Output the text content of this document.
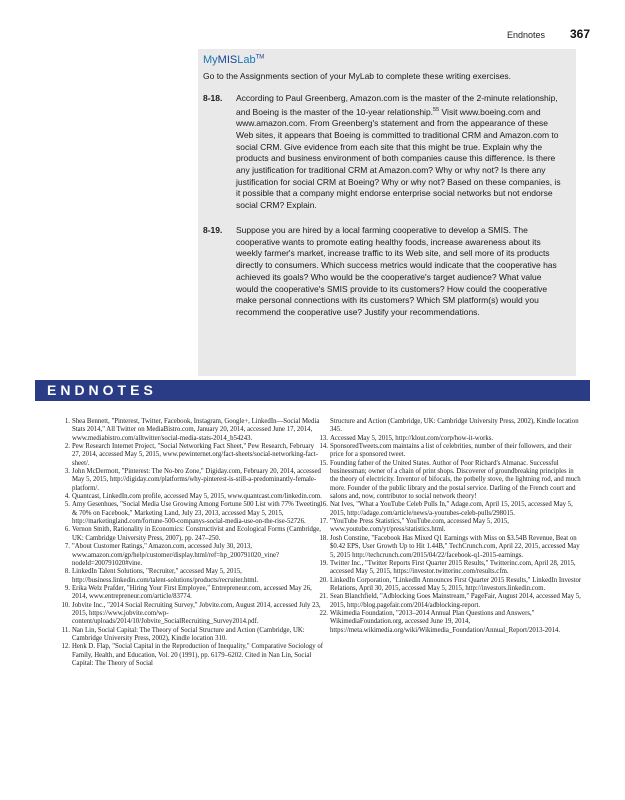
Endnotes 367
MyMISLab™
Go to the Assignments section of your MyLab to complete these writing exercises.
8-18. According to Paul Greenberg, Amazon.com is the master of the 2-minute relationship, and Boeing is the master of the 10-year relationship.$^{55}$ Visit www.boeing.com and www.amazon.com. From Greenberg's statement and from the appearance of these Web sites, it appears that Boeing is committed to traditional CRM and Amazon.com to social CRM. Give evidence from each site that this might be true. Explain why the products and business environment of both companies cause this difference. Is there any justification for traditional CRM at Amazon.com? Why or why not? Is there any justification for social CRM at Boeing? Why or why not? Based on these companies, is it possible that a company might endorse enterprise social networks but not endorse social CRM? Explain.
8-19. Suppose you are hired by a local farming cooperative to develop a SMIS. The cooperative wants to promote eating healthy foods, increase awareness about its weekly farmer's market, increase traffic to its Web site, and sell more of its products directly to consumers. Which success metrics would indicate that the cooperative has achieved its goals? Who would be the cooperative's target audience? What value would the cooperative's SMIS provide to its customers? How could the cooperative make personal connections with its customers? Which SM platform(s) would you recommend the cooperative use? Justify your recommendations.
ENDNOTES
1. Shea Bennett, "Pinterest, Twitter, Facebook, Instagram, Google+, LinkedIn—Social Media Stats 2014," All Twitter on MediaBistro.com, January 20, 2014, accessed June 17, 2014, www.mediabistro.com/alltwitter/social-media-stats-2014_b54243.
2. Pew Research Internet Project, "Social Networking Fact Sheet," Pew Research, February 27, 2014, accessed May 5, 2015, www.pewinternet.org/fact-sheets/social-networking-fact-sheet/.
3. John McDermott, "Pinterest: The No-bro Zone," Digiday.com, February 20, 2014, accessed May 5, 2015, http://digiday.com/platforms/why-pinterest-is-still-a-predominantly-female-platform/.
4. Quantcast, LinkedIn.com profile, accessed May 5, 2015, www.quantcast.com/linkedin.com.
5. Amy Gesenhues, "Social Media Use Growing Among Fortune 500 List with 77% Tweeting & 70% on Facebook," Marketing Land, July 23, 2013, accessed May 5, 2015, http://marketingland.com/fortune-500-companys-social-media-use-on-the-rise-52726.
6. Vernon Smith, Rationality in Economics: Constructivist and Ecological Forms (Cambridge, UK: Cambridge University Press, 2007), pp. 247–250.
7. "About Customer Ratings," Amazon.com, accessed July 30, 2013, www.amazon.com/gp/help/customer/display.html/ref=hp_200791020_vine?nodeId=200791020#vine.
8. LinkedIn Talent Solutions, "Recruiter," accessed May 5, 2015, http://business.linkedin.com/talent-solutions/products/recruiter.html.
9. Erika Welz Prafder, "Hiring Your First Employee," Entrepreneur.com, accessed May 26, 2014, www.entrepreneur.com/article/83774.
10. Jobvite Inc., "2014 Social Recruiting Survey," Jobvite.com, August 2014, accessed July 23, 2015, https://www.jobvite.com/wp-content/uploads/2014/10/Jobvite_SocialRecruiting_Survey2014.pdf.
11. Nan Lin, Social Capital: The Theory of Social Structure and Action (Cambridge, UK: Cambridge University Press, 2002), Kindle location 310.
12. Henk D. Flap, "Social Capital in the Reproduction of Inequality," Comparative Sociology of Family, Health, and Education, Vol. 20 (1991), pp. 6179–6202. Cited in Nan Lin, Social Capital: The Theory of Social
Structure and Action (Cambridge, UK: Cambridge University Press, 2002), Kindle location 345.
13. Accessed May 5, 2015, http://klout.com/corp/how-it-works.
14. SponsoredTweets.com maintains a list of celebrities, number of their followers, and their price for a sponsored tweet.
15. Founding father of the United States. Author of Poor Richard's Almanac. Successful businessman; owner of a chain of print shops. Discoverer of groundbreaking principles in the theory of electricity. Inventor of bifocals, the potbelly stove, the lightning rod, and much more. Founder of the public library and the postal service. Darling of the French court and salons and, now, contributor to social network theory!
16. Nat Ives, "What a YouTube Celeb Pulls In," Adage.com, April 15, 2015, accessed May 5, 2015, http://adage.com/article/news/a-youtubes-celeb-pulls/298015.
17. "YouTube Press Statistics," YouTube.com, accessed May 5, 2015, www.youtube.com/yt/press/statistics.html.
18. Josh Constine, "Facebook Has Mixed Q1 Earnings with Miss on $3.54B Revenue, Beat on $0.42 EPS, User Growth Up to Hit 1.44B," TechCrunch.com, April 22, 2015, accessed May 5, 2015 http://techcrunch.com/2015/04/22/facebook-q1-2015-earnings.
19. Twitter Inc., "Twitter Reports First Quarter 2015 Results," Twitterinc.com, April 28, 2015, accessed May 5, 2015, https://investor.twitterinc.com/results.cfm.
20. LinkedIn Corporation, "LinkedIn Announces First Quarter 2015 Results," LinkedIn Investor Relations, April 30, 2015, accessed May 5, 2015, http://investors.linkedin.com.
21. Sean Blanchfield, "Adblocking Goes Mainstream," PageFair, August 2014, accessed May 5, 2015, http://blog.pagefair.com/2014/adblocking-report.
22. Wikimedia Foundation, "2013–2014 Annual Plan Questions and Answers," WikimediaFoundation.org, accessed June 19, 2014, https://meta.wikimedia.org/wiki/Wikimedia_Foundation/Annual_Report/2013-2014.
